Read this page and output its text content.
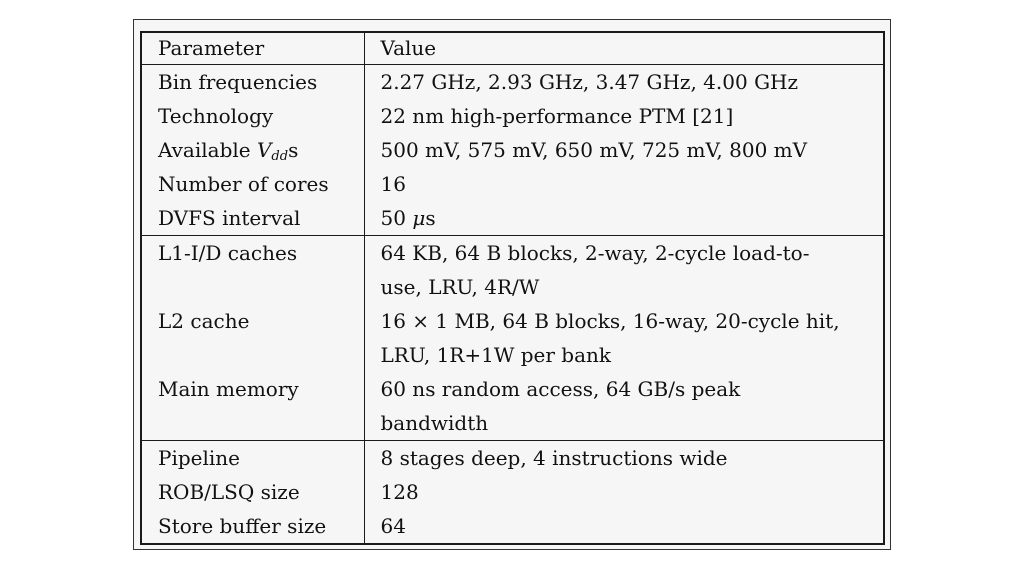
Parameter	Value
Bin frequencies	2.27 GHz, 2.93 GHz, 3.47 GHz, 4.00 GHz
Technology	22 nm high-performance PTM [21]
Available $V_{dd}s$	500 mV, 575 mV, 650 mV, 725 mV, 800 mV
Number of cores	16
DVFS interval	50 μs
L1-I/D caches	64 KB, 64 B blocks, 2-way, 2-cycle load-to-
use, LRU, 4R/W

L2 cache	16 × 1 MB, 64 B blocks, 16-way, 20-cycle hit,
LRU, 1R+1W per bank

Main memory	60 ns random access, 64 GB/s peak
bandwidth

Pipeline	8 stages deep, 4 instructions wide
ROB/LSQ size	128
Store buffer size	64
